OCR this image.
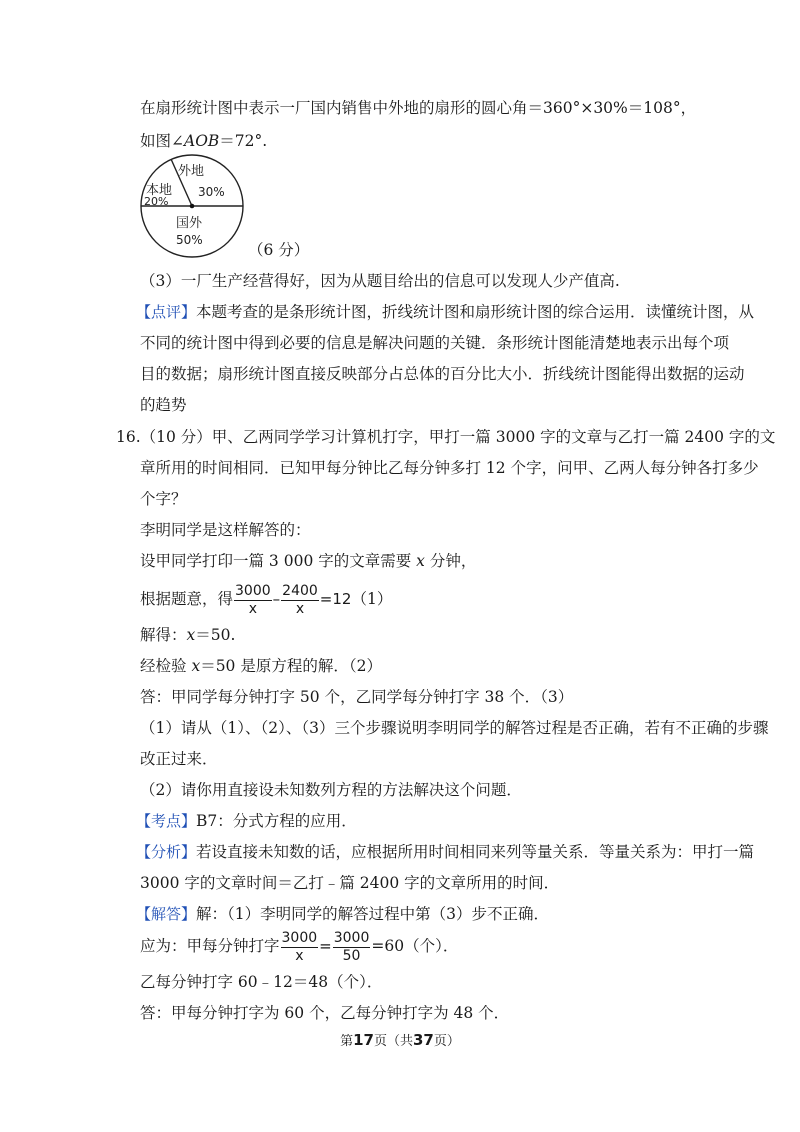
在扇形统计图中表示一厂国内销售中外地的扇形的圆心角＝360°×30%＝108°，
如图∠AOB＝72°.
外地
30%
本地
20%
国外
50%
（6 分）
（3）一厂生产经营得好，因为从题目给出的信息可以发现人少产值高.
【点评】本题考查的是条形统计图，折线统计图和扇形统计图的综合运用．读懂统计图，从
不同的统计图中得到必要的信息是解决问题的关键．条形统计图能清楚地表示出每个项
目的数据；扇形统计图直接反映部分占总体的百分比大小．折线统计图能得出数据的运动
的趋势
16.（10 分）甲、乙两同学学习计算机打字，甲打一篇 3000 字的文章与乙打一篇 2400 字的文
章所用的时间相同．已知甲每分钟比乙每分钟多打 12 个字，问甲、乙两人每分钟各打多少
个字？
李明同学是这样解答的：
设甲同学打印一篇 3 000 字的文章需要 x 分钟，
根据题意，得 $\frac{3000}{x} - \frac{2400}{x} =12(1)$
解得：x＝50.
经检验 x＝50 是原方程的解．（2）
答：甲同学每分钟打字 50 个，乙同学每分钟打字 38 个．（3）
（1）请从（1）、（2）、（3）三个步骤说明李明同学的解答过程是否正确，若有不正确的步骤
改正过来．
（2）请你用直接设未知数列方程的方法解决这个问题．
【考点】B7：分式方程的应用．
【分析】若设直接未知数的话，应根据所用时间相同来列等量关系．等量关系为：甲打一篇
3000 字的文章时间＝乙打﹣篇 2400 字的文章所用的时间．
【解答】解：（1）李明同学的解答过程中第（3）步不正确．
应为：甲每分钟打字 $\frac{3000}{x} = \frac{3000}{50} =60$（个）．
乙每分钟打字 60﹣12＝48（个）．
答：甲每分钟打字为 60 个，乙每分钟打字为 48 个．
第17页（共37页）
